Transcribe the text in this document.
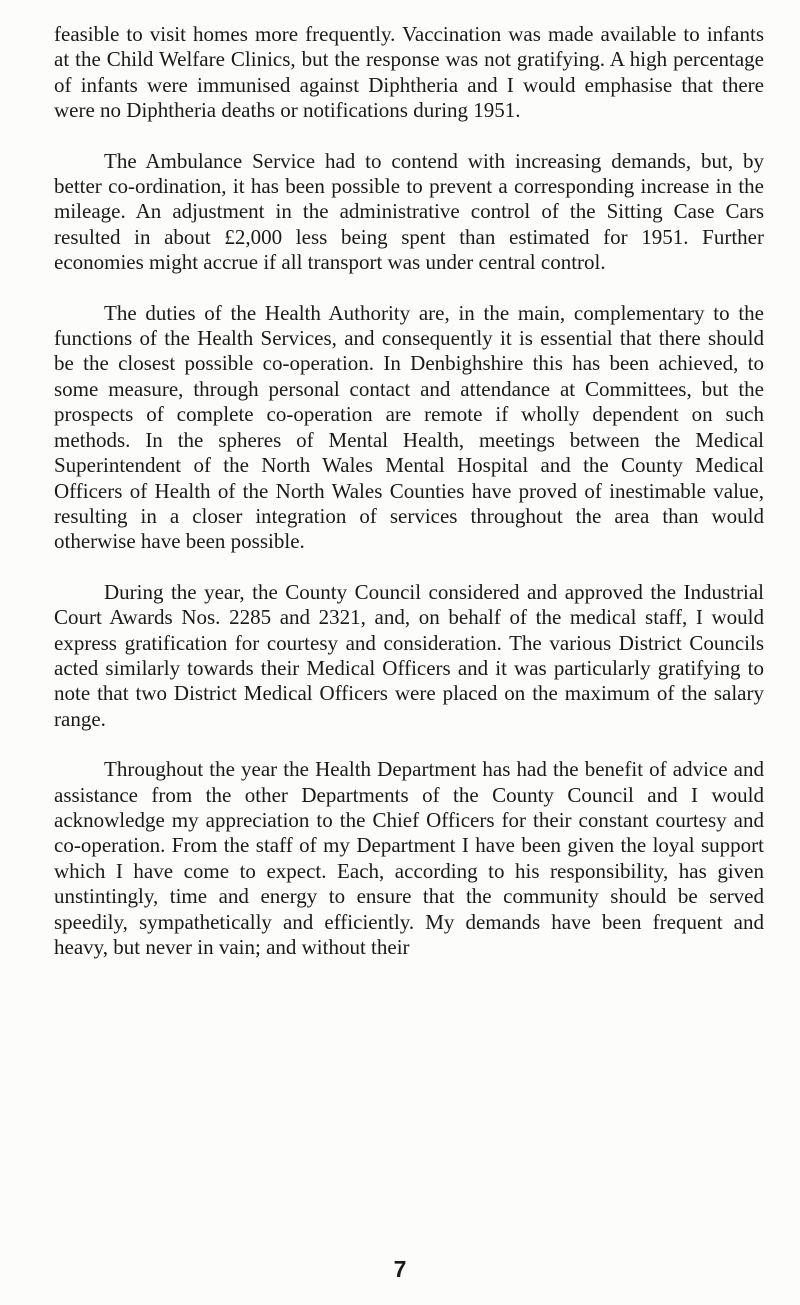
feasible to visit homes more frequently. Vaccination was made available to infants at the Child Welfare Clinics, but the response was not gratifying. A high percentage of infants were immunised against Diphtheria and I would emphasise that there were no Diphtheria deaths or notifications during 1951.

The Ambulance Service had to contend with increasing demands, but, by better co-ordination, it has been possible to prevent a corresponding increase in the mileage. An adjustment in the administrative control of the Sitting Case Cars resulted in about £2,000 less being spent than estimated for 1951. Further economies might accrue if all transport was under central control.

The duties of the Health Authority are, in the main, complementary to the functions of the Health Services, and consequently it is essential that there should be the closest possible co-operation. In Denbighshire this has been achieved, to some measure, through personal contact and attendance at Committees, but the prospects of complete co-operation are remote if wholly dependent on such methods. In the spheres of Mental Health, meetings between the Medical Superintendent of the North Wales Mental Hospital and the County Medical Officers of Health of the North Wales Counties have proved of inestimable value, resulting in a closer integration of services throughout the area than would otherwise have been possible.

During the year, the County Council considered and approved the Industrial Court Awards Nos. 2285 and 2321, and, on behalf of the medical staff, I would express gratification for courtesy and consideration. The various District Councils acted similarly towards their Medical Officers and it was particularly gratifying to note that two District Medical Officers were placed on the maximum of the salary range.

Throughout the year the Health Department has had the benefit of advice and assistance from the other Departments of the County Council and I would acknowledge my appreciation to the Chief Officers for their constant courtesy and co-operation. From the staff of my Department I have been given the loyal support which I have come to expect. Each, according to his responsibility, has given unstintingly, time and energy to ensure that the community should be served speedily, sympathetically and efficiently. My demands have been frequent and heavy, but never in vain; and without their

7
